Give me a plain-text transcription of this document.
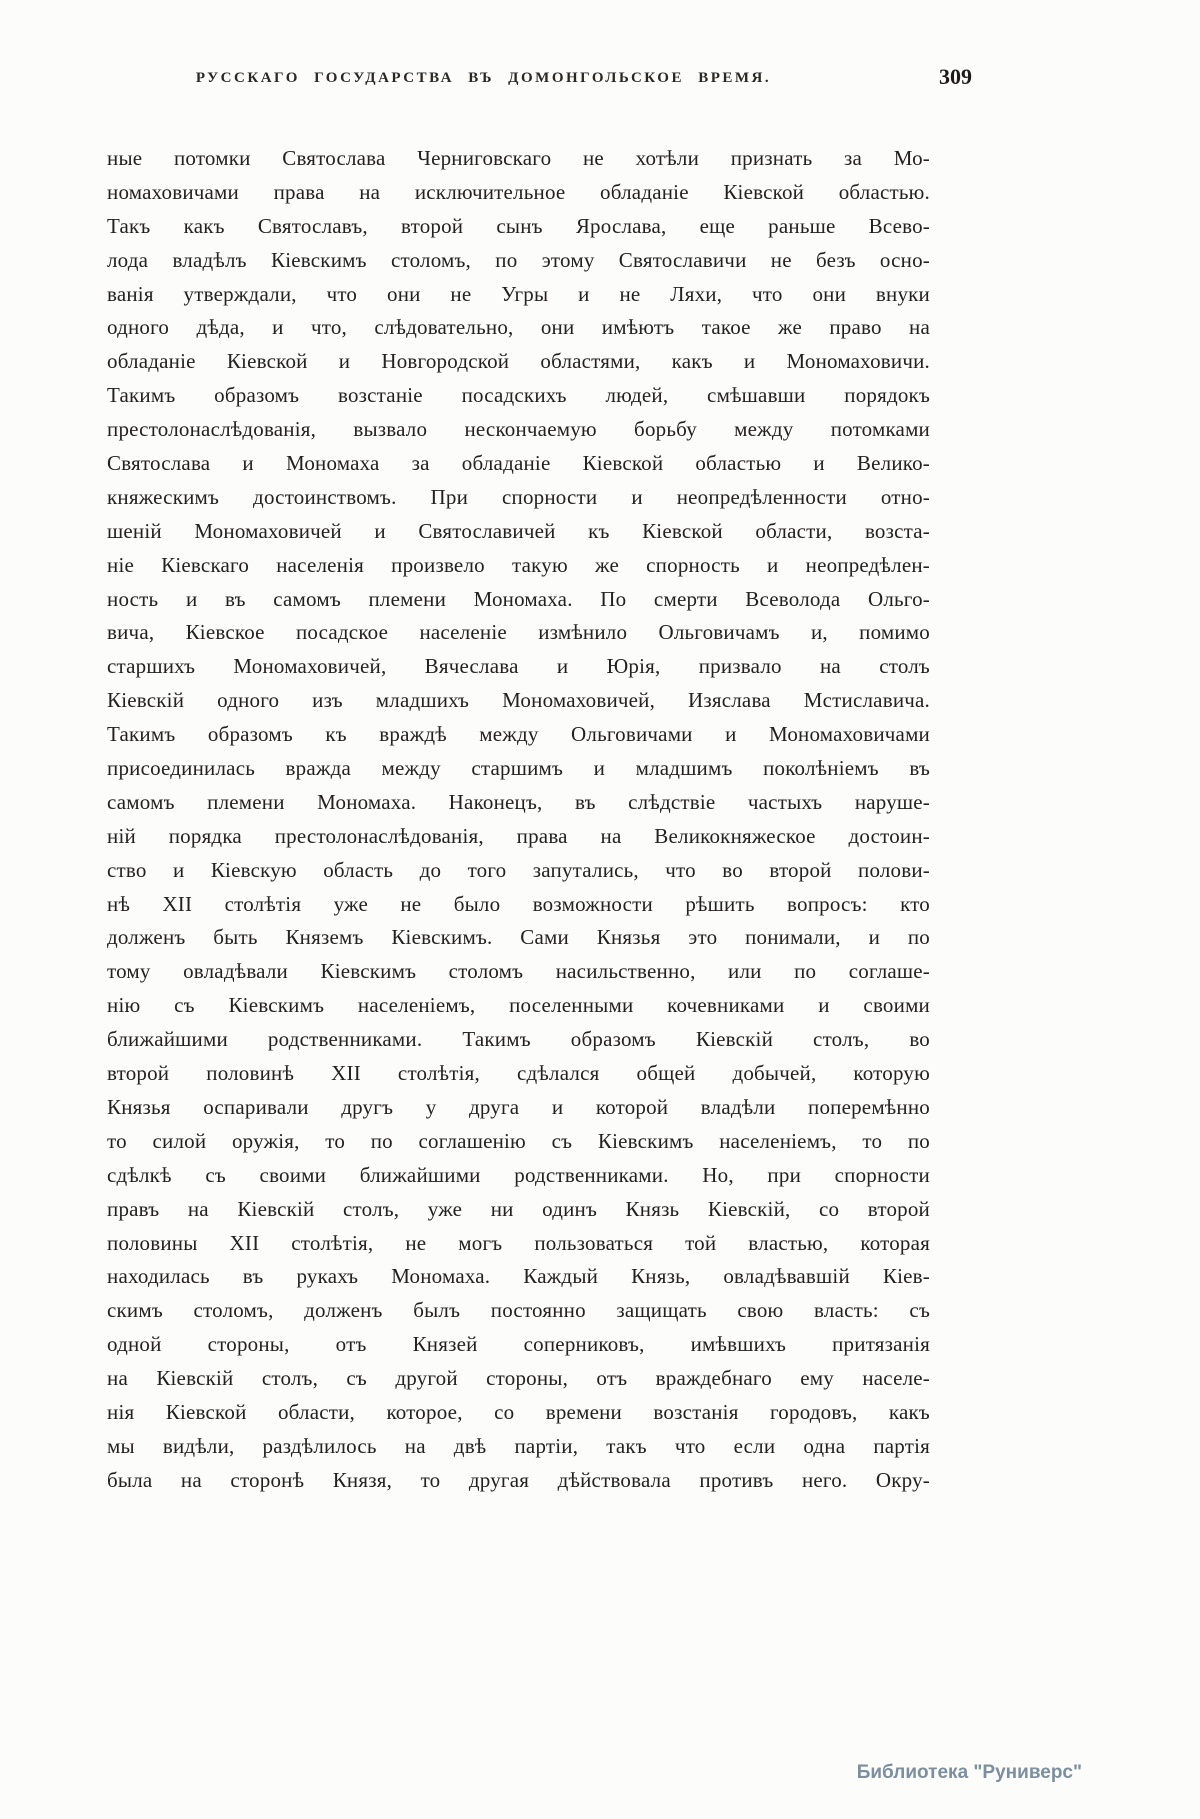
РУССКАГО ГОСУДАРСТВА ВЪ ДОМОНГОЛЬСКОЕ ВРЕМЯ.	309
ные потомки Святослава Черниговскаго не хотѣли признать за Мо-
номаховичами права на исключительное обладаніе Кіевской областью.
Такъ какъ Святославъ, второй сынъ Ярослава, еще раньше Всево-
лода владѣлъ Кіевскимъ столомъ, по этому Святославичи не безъ осно-
ванія утверждали, что они не Угры и не Ляхи, что они внуки
одного дѣда, и что, слѣдовательно, они имѣютъ такое же право на
обладаніе Кіевской и Новгородской областями, какъ и Мономаховичи.
Такимъ образомъ возстаніе посадскихъ людей, смѣшавши порядокъ
престолонаслѣдованія, вызвало нескончаемую борьбу между потомками
Святослава и Мономаха за обладаніе Кіевской областью и Велико-
княжескимъ достоинствомъ. При спорности и неопредѣленности отно-
шеній Мономаховичей и Святославичей къ Кіевской области, возста-
ніе Кіевскаго населенія произвело такую же спорность и неопредѣлен-
ность и въ самомъ племени Мономаха. По смерти Всеволода Ольго-
вича, Кіевское посадское населеніе измѣнило Ольговичамъ и, помимо
старшихъ Мономаховичей, Вячеслава и Юрія, призвало на столъ
Кіевскій одного изъ младшихъ Мономаховичей, Изяслава Мстиславича.
Такимъ образомъ къ враждѣ между Ольговичами и Мономаховичами
присоединилась вражда между старшимъ и младшимъ поколѣніемъ въ
самомъ племени Мономаха. Наконецъ, въ слѣдствіе частыхъ наруше-
ній порядка престолонаслѣдованія, права на Великокняжеское достоин-
ство и Кіевскую область до того запутались, что во второй полови-
нѣ XII столѣтія уже не было возможности рѣшить вопросъ: кто
долженъ быть Княземъ Кіевскимъ. Сами Князья это понимали, и по
тому овладѣвали Кіевскимъ столомъ насильственно, или по соглаше-
нію съ Кіевскимъ населеніемъ, поселенными кочевниками и своими
ближайшими родственниками. Такимъ образомъ Кіевскій столъ, во
второй половинѣ XII столѣтія, сдѣлался общей добычей, которую
Князья оспаривали другъ у друга и которой владѣли поперемѣнно
то силой оружія, то по соглашенію съ Кіевскимъ населеніемъ, то по
сдѣлкѣ съ своими ближайшими родственниками. Но, при спорности
правъ на Кіевскій столъ, уже ни одинъ Князь Кіевскій, со второй
половины XII столѣтія, не могъ пользоваться той властью, которая
находилась въ рукахъ Мономаха. Каждый Князь, овладѣвавшій Кіев-
скимъ столомъ, долженъ былъ постоянно защищать свою власть: съ
одной стороны, отъ Князей соперниковъ, имѣвшихъ притязанія
на Кіевскій столъ, съ другой стороны, отъ враждебнаго ему населе-
нія Кіевской области, которое, со времени возстанія городовъ, какъ
мы видѣли, раздѣлилось на двѣ партіи, такъ что если одна партія
была на сторонѣ Князя, то другая дѣйствовала противъ него. Окру-
Библиотека "Руниверс"
